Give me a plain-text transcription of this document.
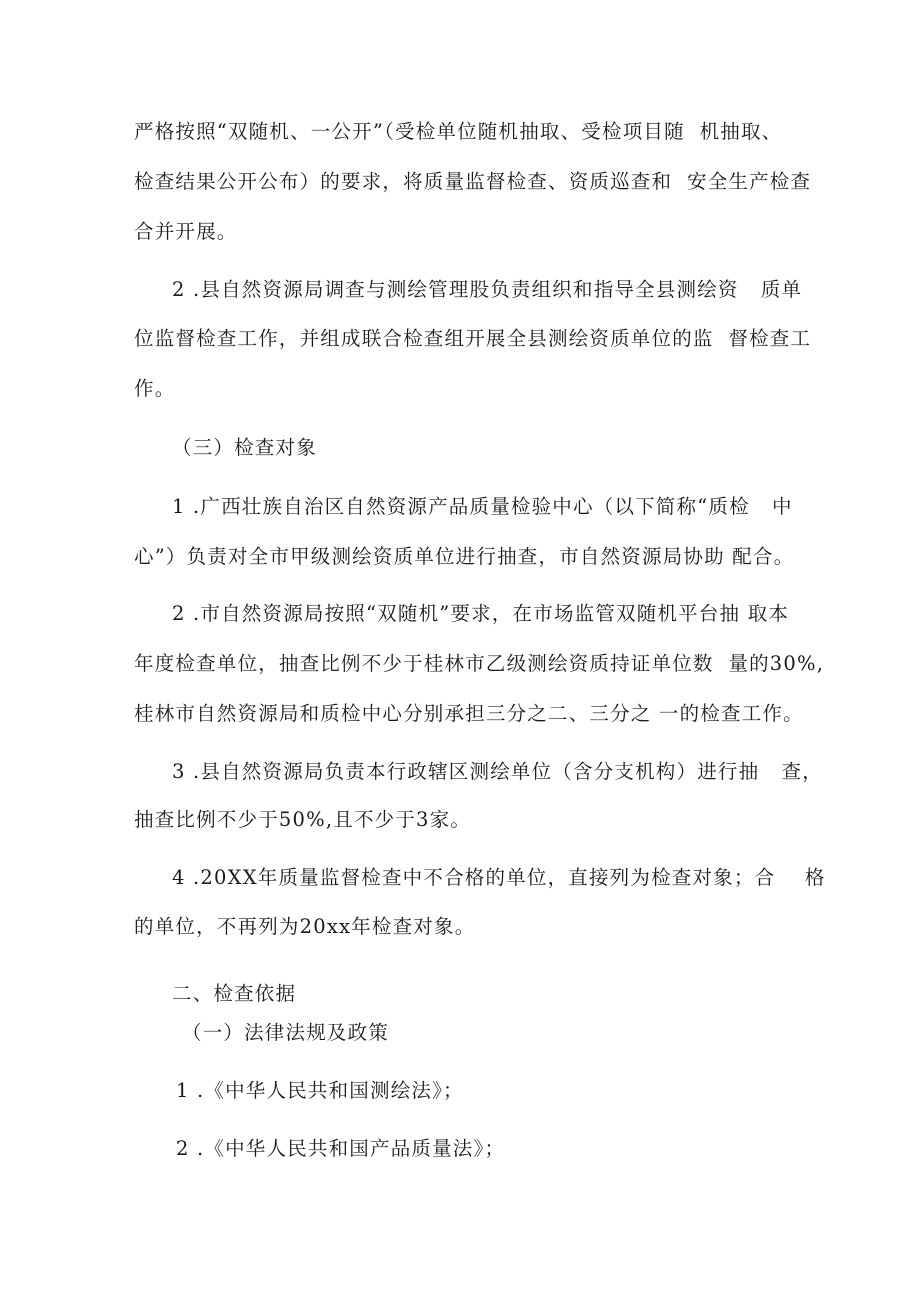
严格按照“双随机、一公开”（受检单位随机抽取、受检项目随  机抽取、
检查结果公开公布）的要求，将质量监督检查、资质巡查和  安全生产检查
合并开展。
2 .县自然资源局调查与测绘管理股负责组织和指导全县测绘资   质单
位监督检查工作，并组成联合检查组开展全县测绘资质单位的监  督检查工
作。
（三）检查对象
1 .广西壮族自治区自然资源产品质量检验中心（以下简称“质检   中
心”）负责对全市甲级测绘资质单位进行抽查，市自然资源局协助 配合。
2 .市自然资源局按照“双随机”要求，在市场监管双随机平台抽 取本
年度检查单位，抽查比例不少于桂林市乙级测绘资质持证单位数  量的30%,
桂林市自然资源局和质检中心分别承担三分之二、三分之 一的检查工作。
3 .县自然资源局负责本行政辖区测绘单位（含分支机构）进行抽   查，
抽查比例不少于50%,且不少于3家。
4 .20XX年质量监督检查中不合格的单位，直接列为检查对象；合    格
的单位，不再列为20xx年检查对象。
二、检查依据
（一）法律法规及政策
1 .《中华人民共和国测绘法》；
2 .《中华人民共和国产品质量法》；
